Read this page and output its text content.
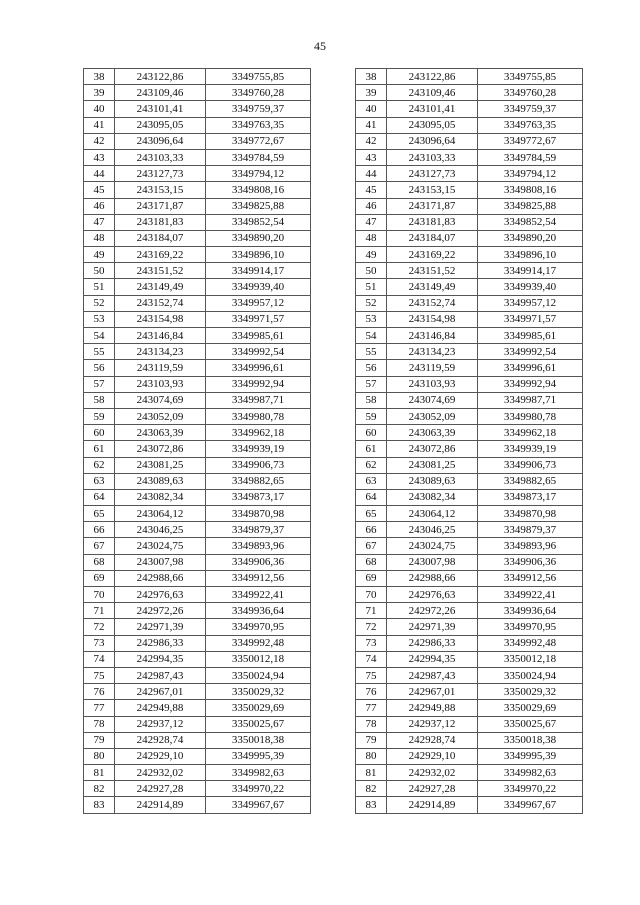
45
38	243122,86	3349755,85
39	243109,46	3349760,28
40	243101,41	3349759,37
41	243095,05	3349763,35
42	243096,64	3349772,67
43	243103,33	3349784,59
44	243127,73	3349794,12
45	243153,15	3349808,16
46	243171,87	3349825,88
47	243181,83	3349852,54
48	243184,07	3349890,20
49	243169,22	3349896,10
50	243151,52	3349914,17
51	243149,49	3349939,40
52	243152,74	3349957,12
53	243154,98	3349971,57
54	243146,84	3349985,61
55	243134,23	3349992,54
56	243119,59	3349996,61
57	243103,93	3349992,94
58	243074,69	3349987,71
59	243052,09	3349980,78
60	243063,39	3349962,18
61	243072,86	3349939,19
62	243081,25	3349906,73
63	243089,63	3349882,65
64	243082,34	3349873,17
65	243064,12	3349870,98
66	243046,25	3349879,37
67	243024,75	3349893,96
68	243007,98	3349906,36
69	242988,66	3349912,56
70	242976,63	3349922,41
71	242972,26	3349936,64
72	242971,39	3349970,95
73	242986,33	3349992,48
74	242994,35	3350012,18
75	242987,43	3350024,94
76	242967,01	3350029,32
77	242949,88	3350029,69
78	242937,12	3350025,67
79	242928,74	3350018,38
80	242929,10	3349995,39
81	242932,02	3349982,63
82	242927,28	3349970,22
83	242914,89	3349967,67
38	243122,86	3349755,85
39	243109,46	3349760,28
40	243101,41	3349759,37
41	243095,05	3349763,35
42	243096,64	3349772,67
43	243103,33	3349784,59
44	243127,73	3349794,12
45	243153,15	3349808,16
46	243171,87	3349825,88
47	243181,83	3349852,54
48	243184,07	3349890,20
49	243169,22	3349896,10
50	243151,52	3349914,17
51	243149,49	3349939,40
52	243152,74	3349957,12
53	243154,98	3349971,57
54	243146,84	3349985,61
55	243134,23	3349992,54
56	243119,59	3349996,61
57	243103,93	3349992,94
58	243074,69	3349987,71
59	243052,09	3349980,78
60	243063,39	3349962,18
61	243072,86	3349939,19
62	243081,25	3349906,73
63	243089,63	3349882,65
64	243082,34	3349873,17
65	243064,12	3349870,98
66	243046,25	3349879,37
67	243024,75	3349893,96
68	243007,98	3349906,36
69	242988,66	3349912,56
70	242976,63	3349922,41
71	242972,26	3349936,64
72	242971,39	3349970,95
73	242986,33	3349992,48
74	242994,35	3350012,18
75	242987,43	3350024,94
76	242967,01	3350029,32
77	242949,88	3350029,69
78	242937,12	3350025,67
79	242928,74	3350018,38
80	242929,10	3349995,39
81	242932,02	3349982,63
82	242927,28	3349970,22
83	242914,89	3349967,67
